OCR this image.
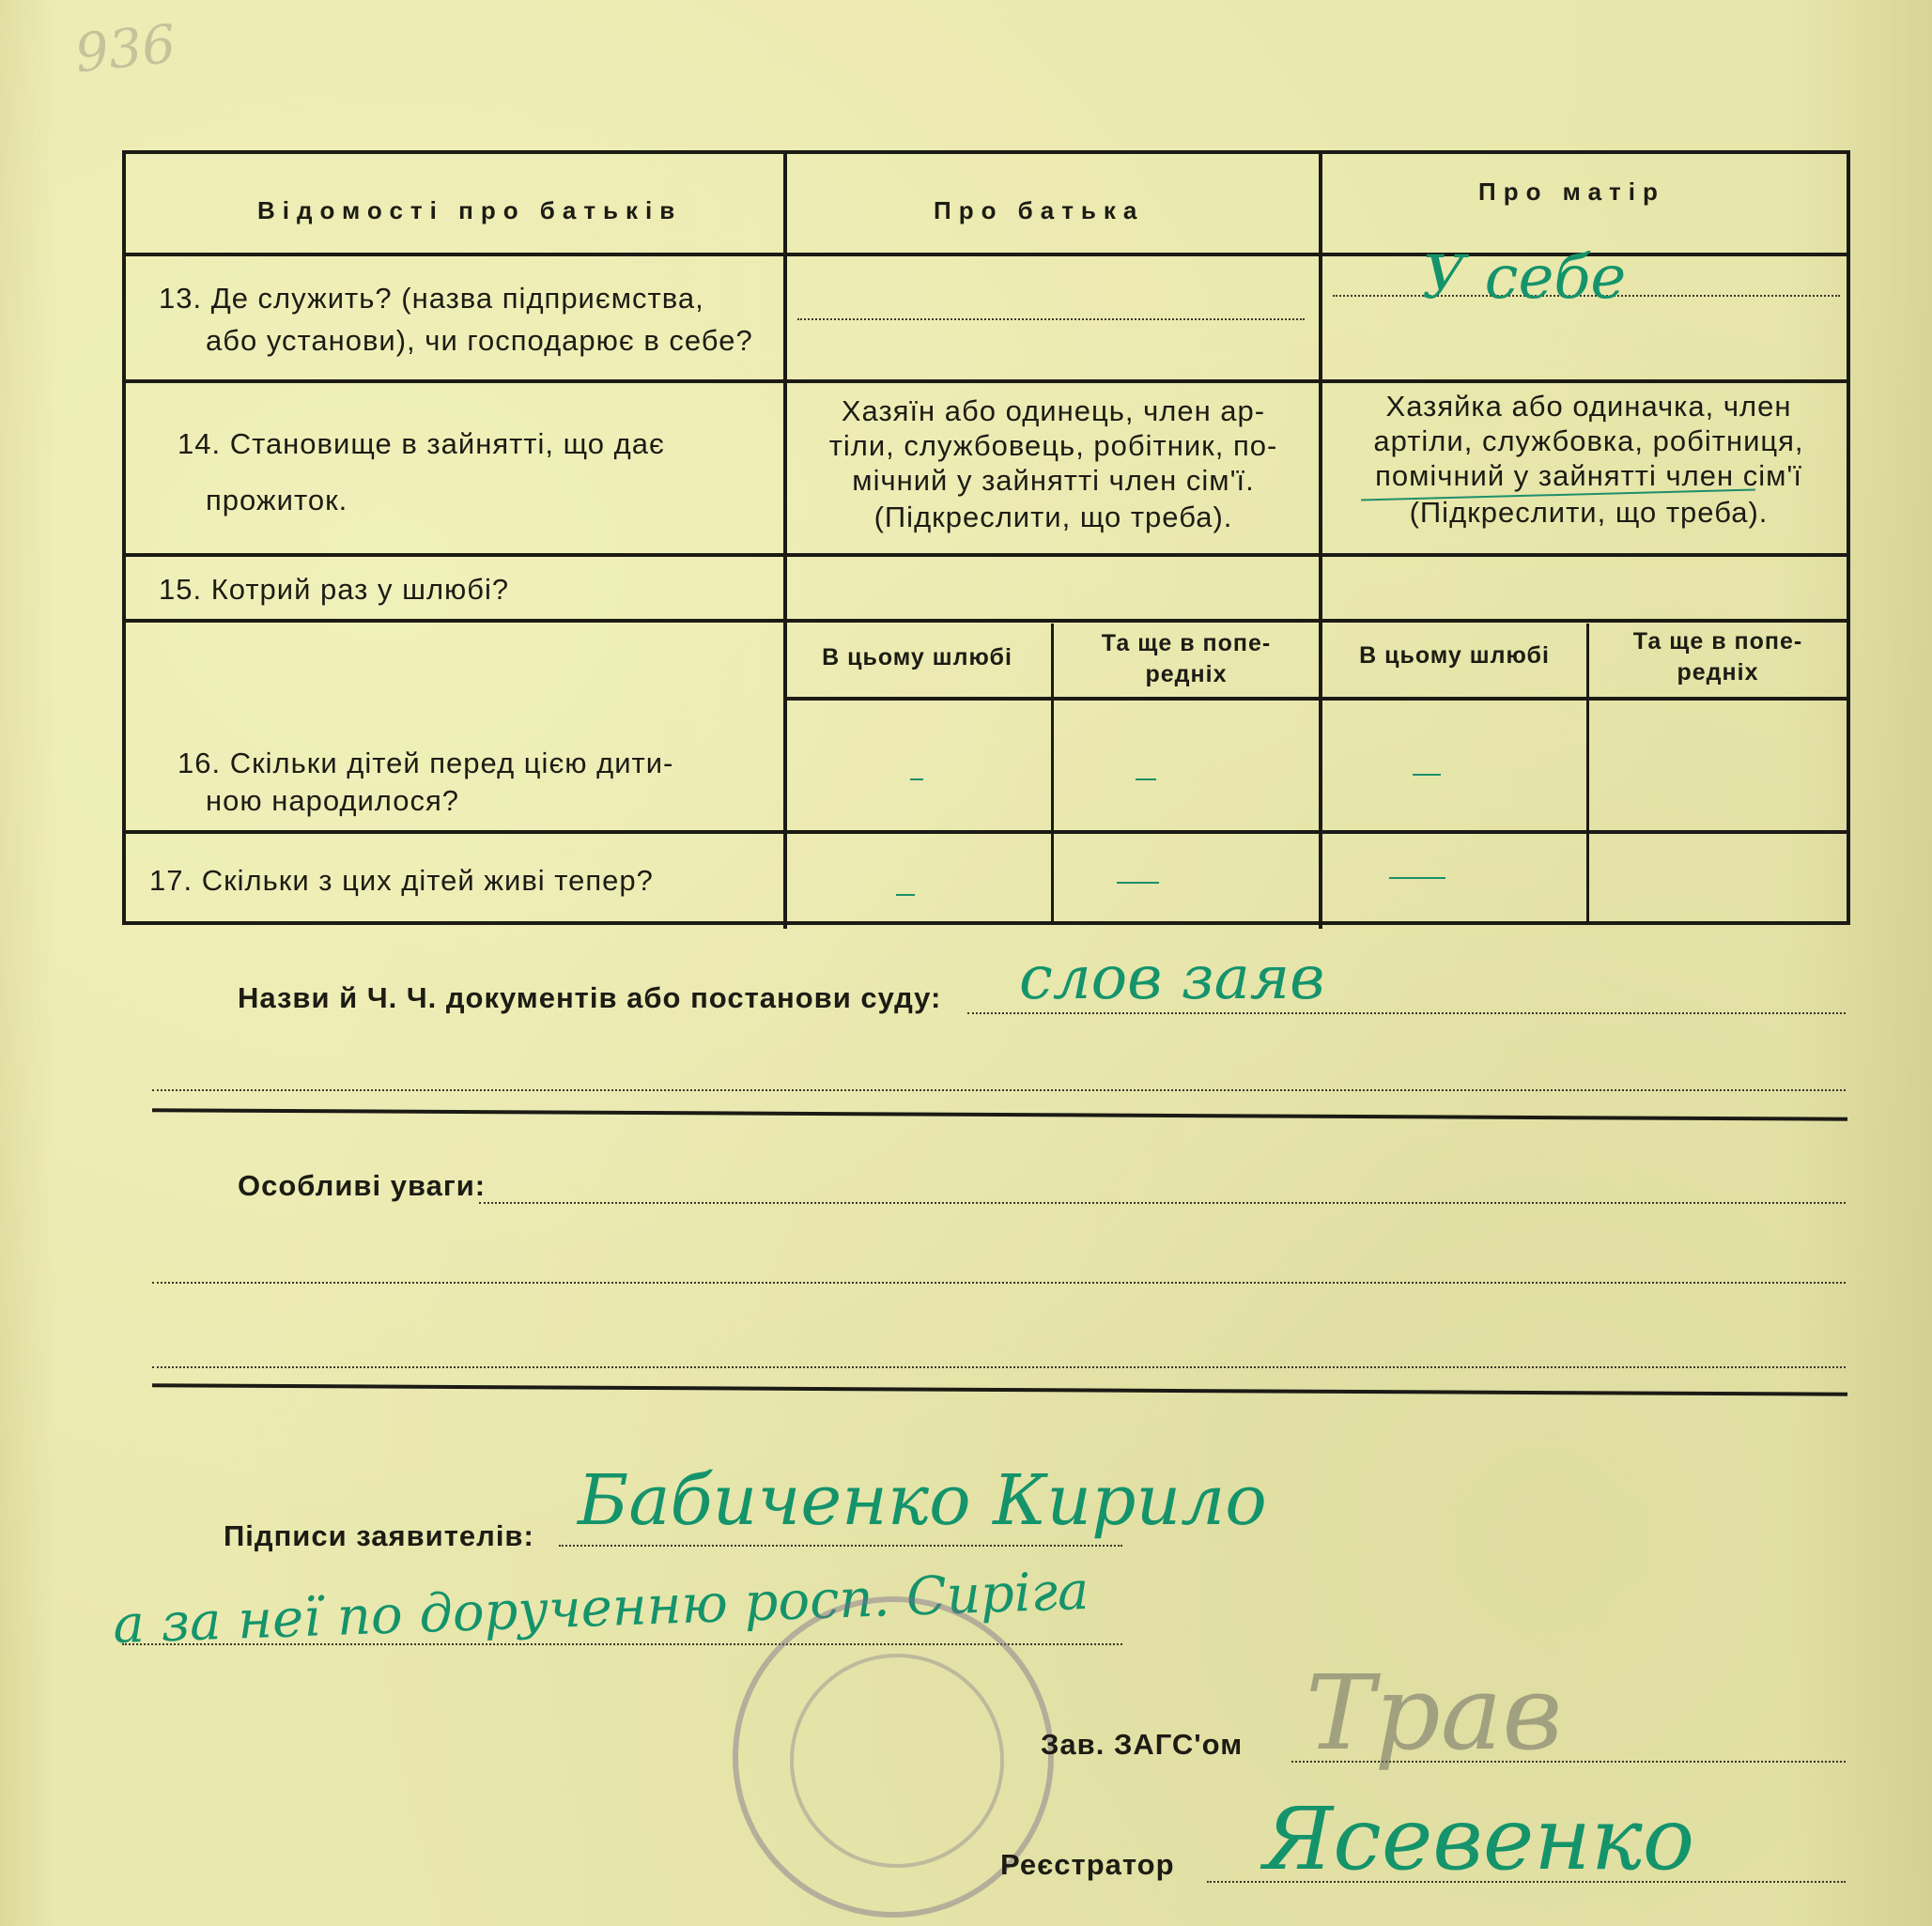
936
Відомості про батьків	Про батька
Про матір
13. Де служить? (назва підприємства,
або установи), чи господарює в себе?
У себе
14. Становище в зайнятті, що дає
прожиток.
Хазяїн або одинець, член ар-
тіли, службовець, робітник, по-
мічний у зайнятті член сім'ї.
(Підкреслити, що треба).
Хазяйка або одиначка, член
артіли, службовка, робітниця,
помічний у зайнятті член сім'ї
(Підкреслити, що треба).
15. Котрий раз у шлюбі?
В цьому шлюбі
Та ще в попе-
редніх
В цьому шлюбі
Та ще в попе-
редніх
16. Скільки дітей перед цією дити-
ною народилося?
17. Скільки з цих дітей живі тепер?
Назви й Ч. Ч. документів або постанови суду: слов заяв
Особливі уваги:
Підписи заявителів: Бабиченко Кирило
а за неї по дорученню росп. Сиріга
Зав. ЗАГС'ом Трав
Реєстратор Ясевенко
